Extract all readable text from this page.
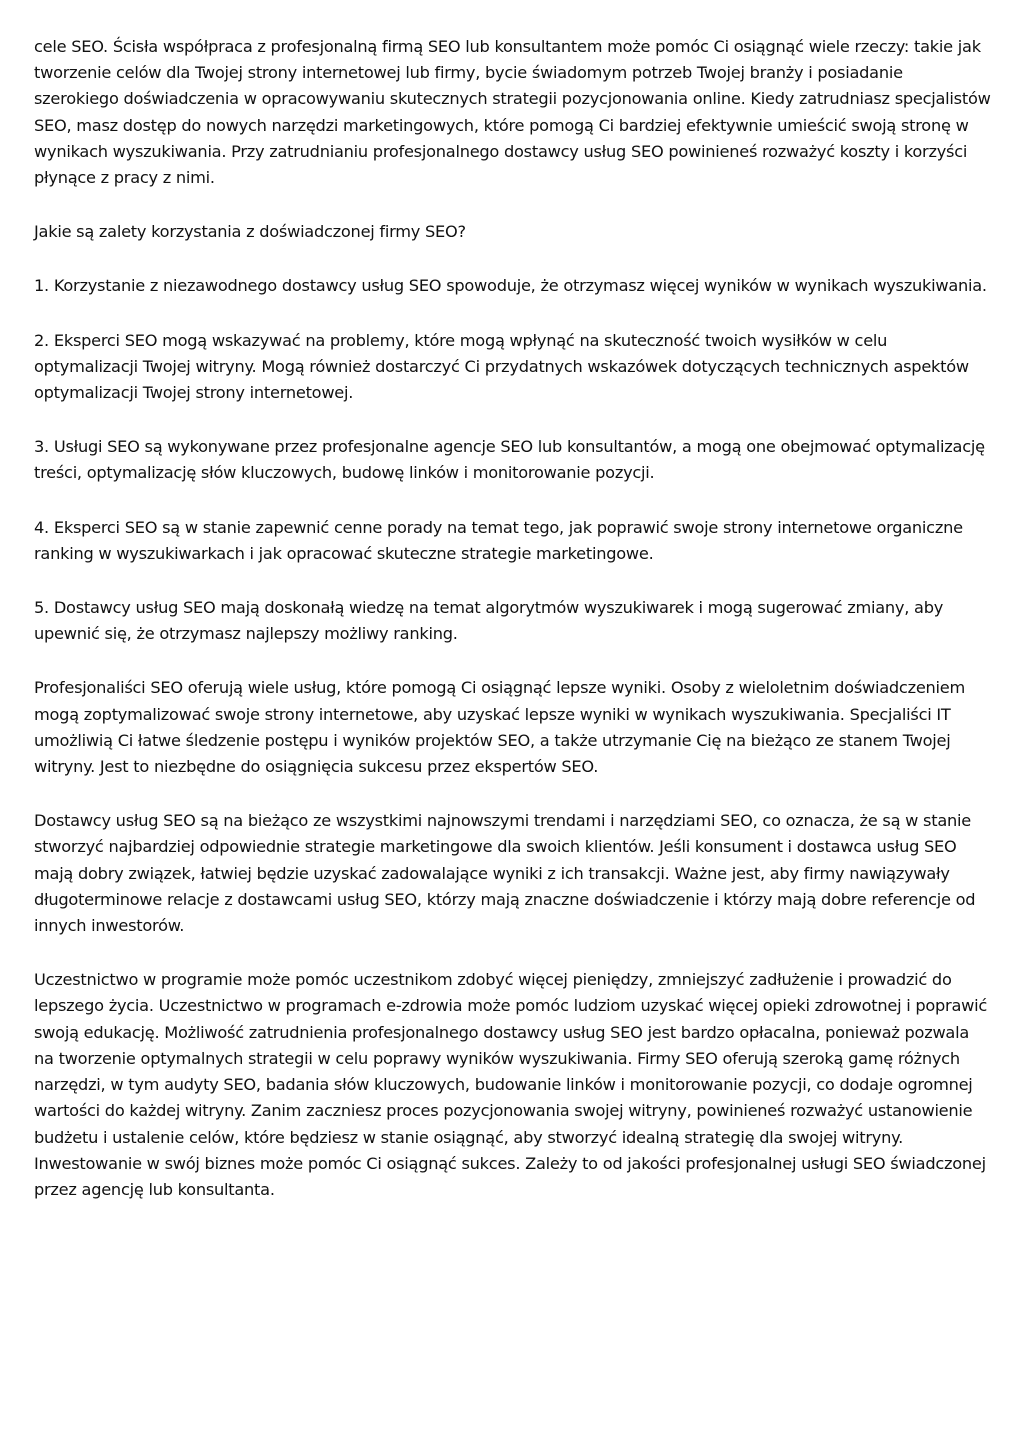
cele SEO. Ścisła współpraca z profesjonalną firmą SEO lub konsultantem może pomóc Ci osiągnąć wiele rzeczy: takie jak tworzenie celów dla Twojej strony internetowej lub firmy, bycie świadomym potrzeb Twojej branży i posiadanie szerokiego doświadczenia w opracowywaniu skutecznych strategii pozycjonowania online. Kiedy zatrudniasz specjalistów SEO, masz dostęp do nowych narzędzi marketingowych, które pomogą Ci bardziej efektywnie umieścić swoją stronę w wynikach wyszukiwania. Przy zatrudnianiu profesjonalnego dostawcy usług SEO powinieneś rozważyć koszty i korzyści płynące z pracy z nimi.

Jakie są zalety korzystania z doświadczonej firmy SEO?

1. Korzystanie z niezawodnego dostawcy usług SEO spowoduje, że otrzymasz więcej wyników w wynikach wyszukiwania.

2. Eksperci SEO mogą wskazywać na problemy, które mogą wpłynąć na skuteczność twoich wysiłków w celu optymalizacji Twojej witryny. Mogą również dostarczyć Ci przydatnych wskazówek dotyczących technicznych aspektów optymalizacji Twojej strony internetowej.

3. Usługi SEO są wykonywane przez profesjonalne agencje SEO lub konsultantów, a mogą one obejmować optymalizację treści, optymalizację słów kluczowych, budowę linków i monitorowanie pozycji.

4. Eksperci SEO są w stanie zapewnić cenne porady na temat tego, jak poprawić swoje strony internetowe organiczne ranking w wyszukiwarkach i jak opracować skuteczne strategie marketingowe.

5. Dostawcy usług SEO mają doskonałą wiedzę na temat algorytmów wyszukiwarek i mogą sugerować zmiany, aby upewnić się, że otrzymasz najlepszy możliwy ranking.

Profesjonaliści SEO oferują wiele usług, które pomogą Ci osiągnąć lepsze wyniki. Osoby z wieloletnim doświadczeniem mogą zoptymalizować swoje strony internetowe, aby uzyskać lepsze wyniki w wynikach wyszukiwania. Specjaliści IT umożliwią Ci łatwe śledzenie postępu i wyników projektów SEO, a także utrzymanie Cię na bieżąco ze stanem Twojej witryny. Jest to niezbędne do osiągnięcia sukcesu przez ekspertów SEO.

Dostawcy usług SEO są na bieżąco ze wszystkimi najnowszymi trendami i narzędziami SEO, co oznacza, że są w stanie stworzyć najbardziej odpowiednie strategie marketingowe dla swoich klientów. Jeśli konsument i dostawca usług SEO mają dobry związek, łatwiej będzie uzyskać zadowalające wyniki z ich transakcji. Ważne jest, aby firmy nawiązywały długoterminowe relacje z dostawcami usług SEO, którzy mają znaczne doświadczenie i którzy mają dobre referencje od innych inwestorów.

Uczestnictwo w programie może pomóc uczestnikom zdobyć więcej pieniędzy, zmniejszyć zadłużenie i prowadzić do lepszego życia. Uczestnictwo w programach e-zdrowia może pomóc ludziom uzyskać więcej opieki zdrowotnej i poprawić swoją edukację. Możliwość zatrudnienia profesjonalnego dostawcy usług SEO jest bardzo opłacalna, ponieważ pozwala na tworzenie optymalnych strategii w celu poprawy wyników wyszukiwania. Firmy SEO oferują szeroką gamę różnych narzędzi, w tym audyty SEO, badania słów kluczowych, budowanie linków i monitorowanie pozycji, co dodaje ogromnej wartości do każdej witryny. Zanim zaczniesz proces pozycjonowania swojej witryny, powinieneś rozważyć ustanowienie budżetu i ustalenie celów, które będziesz w stanie osiągnąć, aby stworzyć idealną strategię dla swojej witryny. Inwestowanie w swój biznes może pomóc Ci osiągnąć sukces. Zależy to od jakości profesjonalnej usługi SEO świadczonej przez agencję lub konsultanta.
